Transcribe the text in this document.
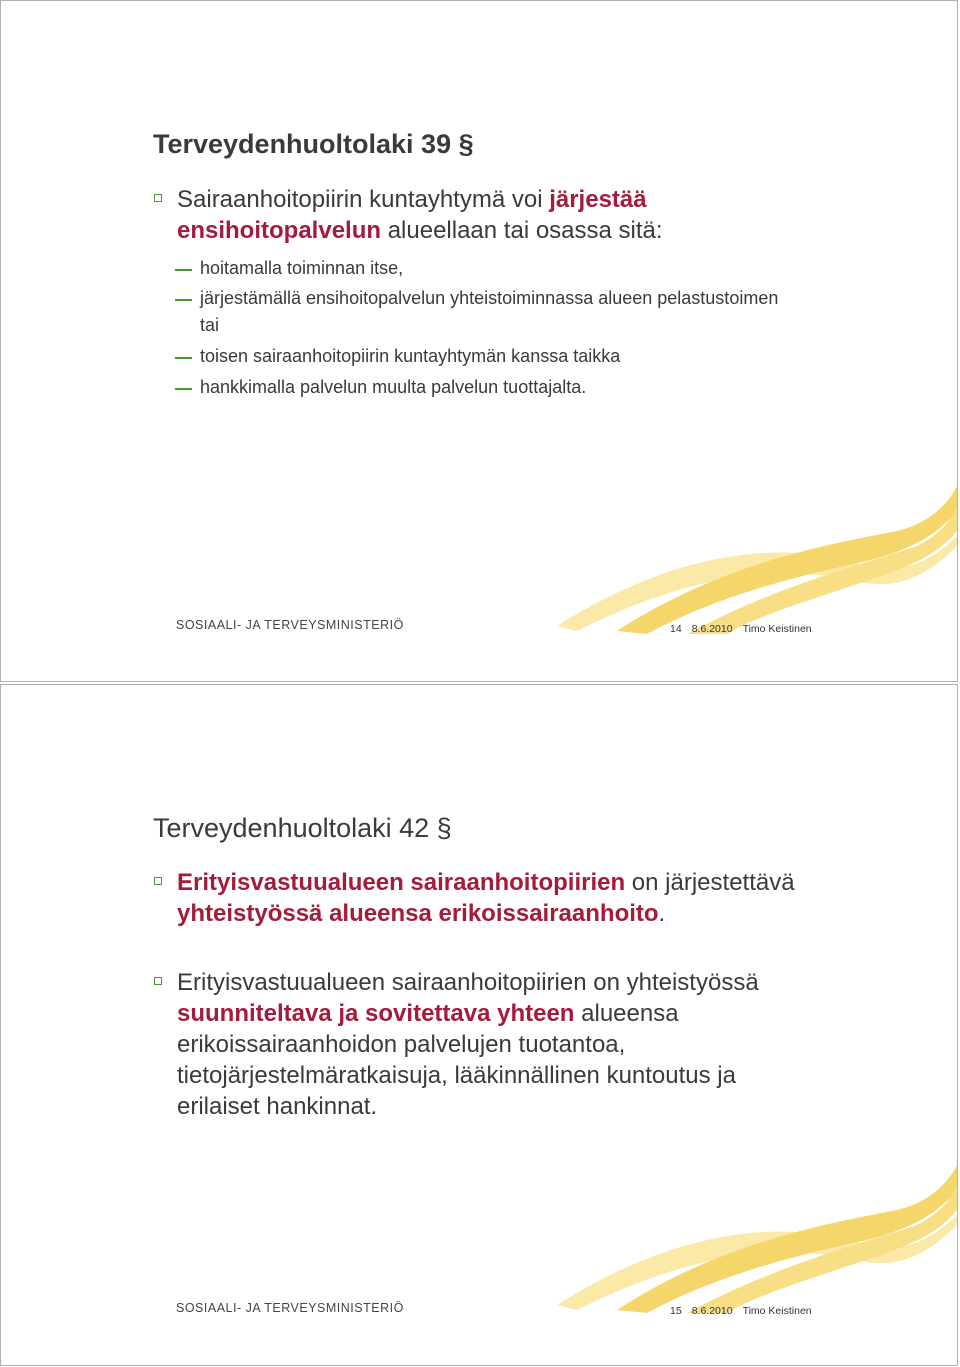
Terveydenhuoltolaki 39 §
Sairaanhoitopiirin kuntayhtymä voi järjestää ensihoitopalvelun alueellaan tai osassa sitä:
hoitamalla toiminnan itse,
järjestämällä ensihoitopalvelun yhteistoiminnassa alueen pelastustoimen tai
toisen sairaanhoitopiirin kuntayhtymän kanssa taikka
hankkimalla palvelun muulta palvelun tuottajalta.
SOSIAALI- JA TERVEYSMINISTERIÖ	14 8.6.2010 Timo Keistinen
Terveydenhuoltolaki 42 §
Erityisvastuualueen sairaanhoitopiirien on järjestettävä yhteistyössä alueensa erikoissairaanhoito.
Erityisvastuualueen sairaanhoitopiirien on yhteistyössä suunniteltava ja sovitettava yhteen alueensa erikoissairaanhoidon palvelujen tuotantoa, tietojärjestelmäratkaisuja, lääkinnällinen kuntoutus ja erilaiset hankinnat.
SOSIAALI- JA TERVEYSMINISTERIÖ	15 8.6.2010 Timo Keistinen
